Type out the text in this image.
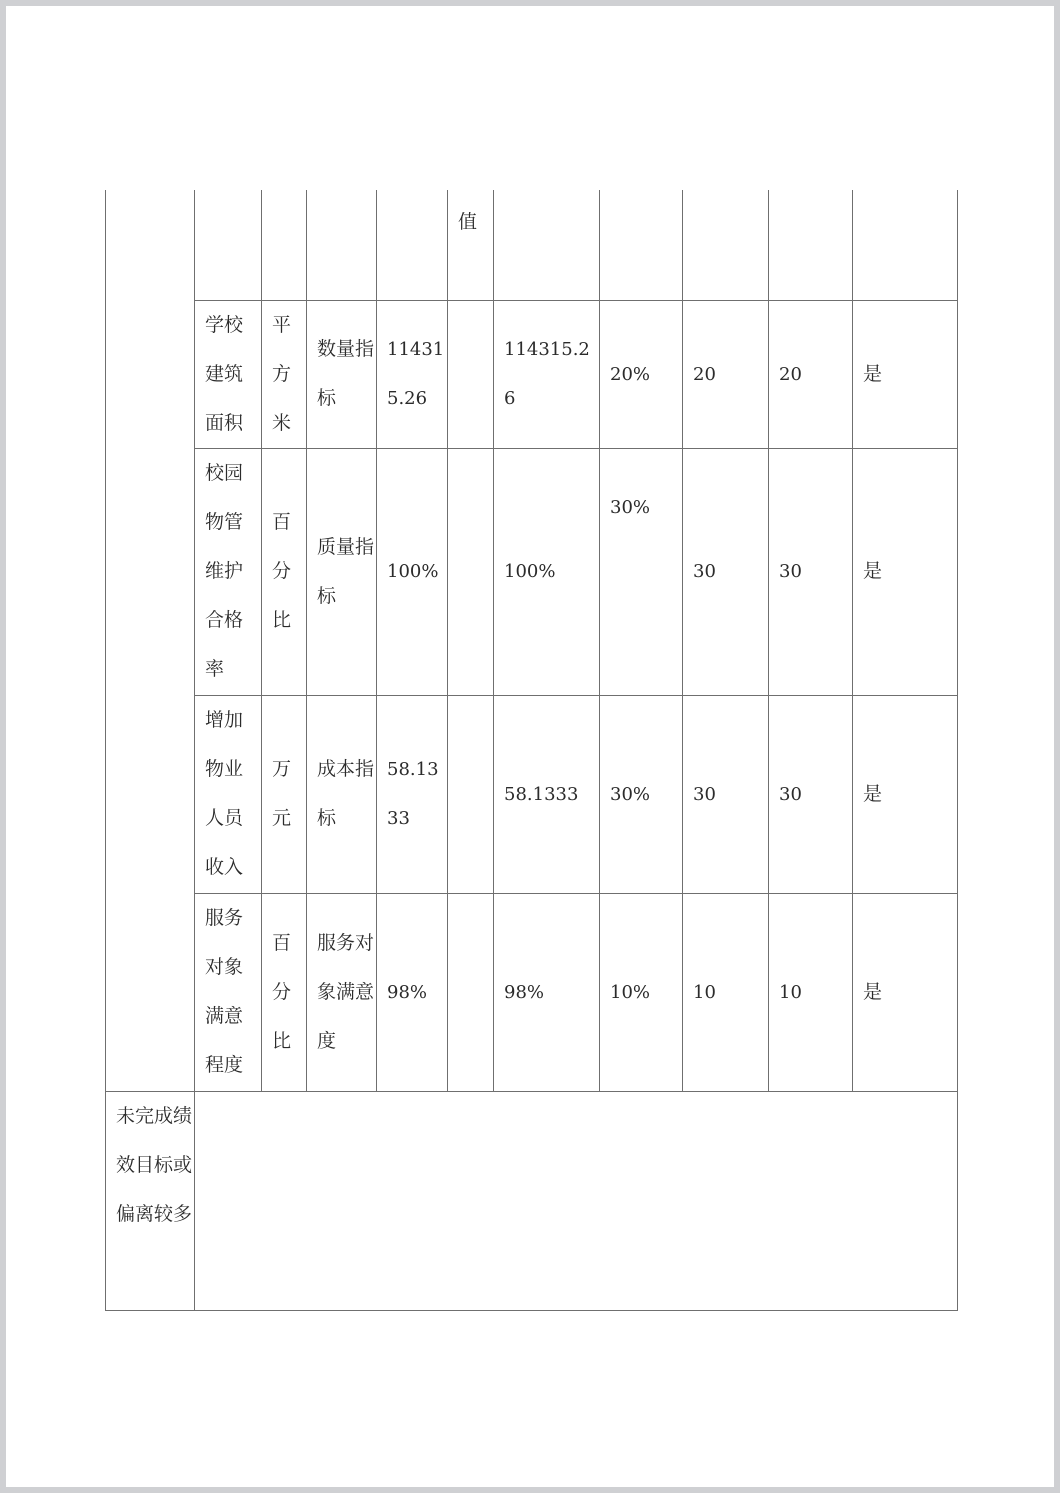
					值					
	学校建筑面积	平方米	数量指标	114315.26		114315.26	20%	20	20	是
	校园物管维护合格率	百分比	质量指标	100%		100%	30%	30	30	是
	增加物业人员收入	万元	成本指标	58.1333		58.1333	30%	30	30	是
	服务对象满意程度	百分比	服务对象满意度	98%		98%	10%	10	10	是
未完成绩效目标或偏离较多										
